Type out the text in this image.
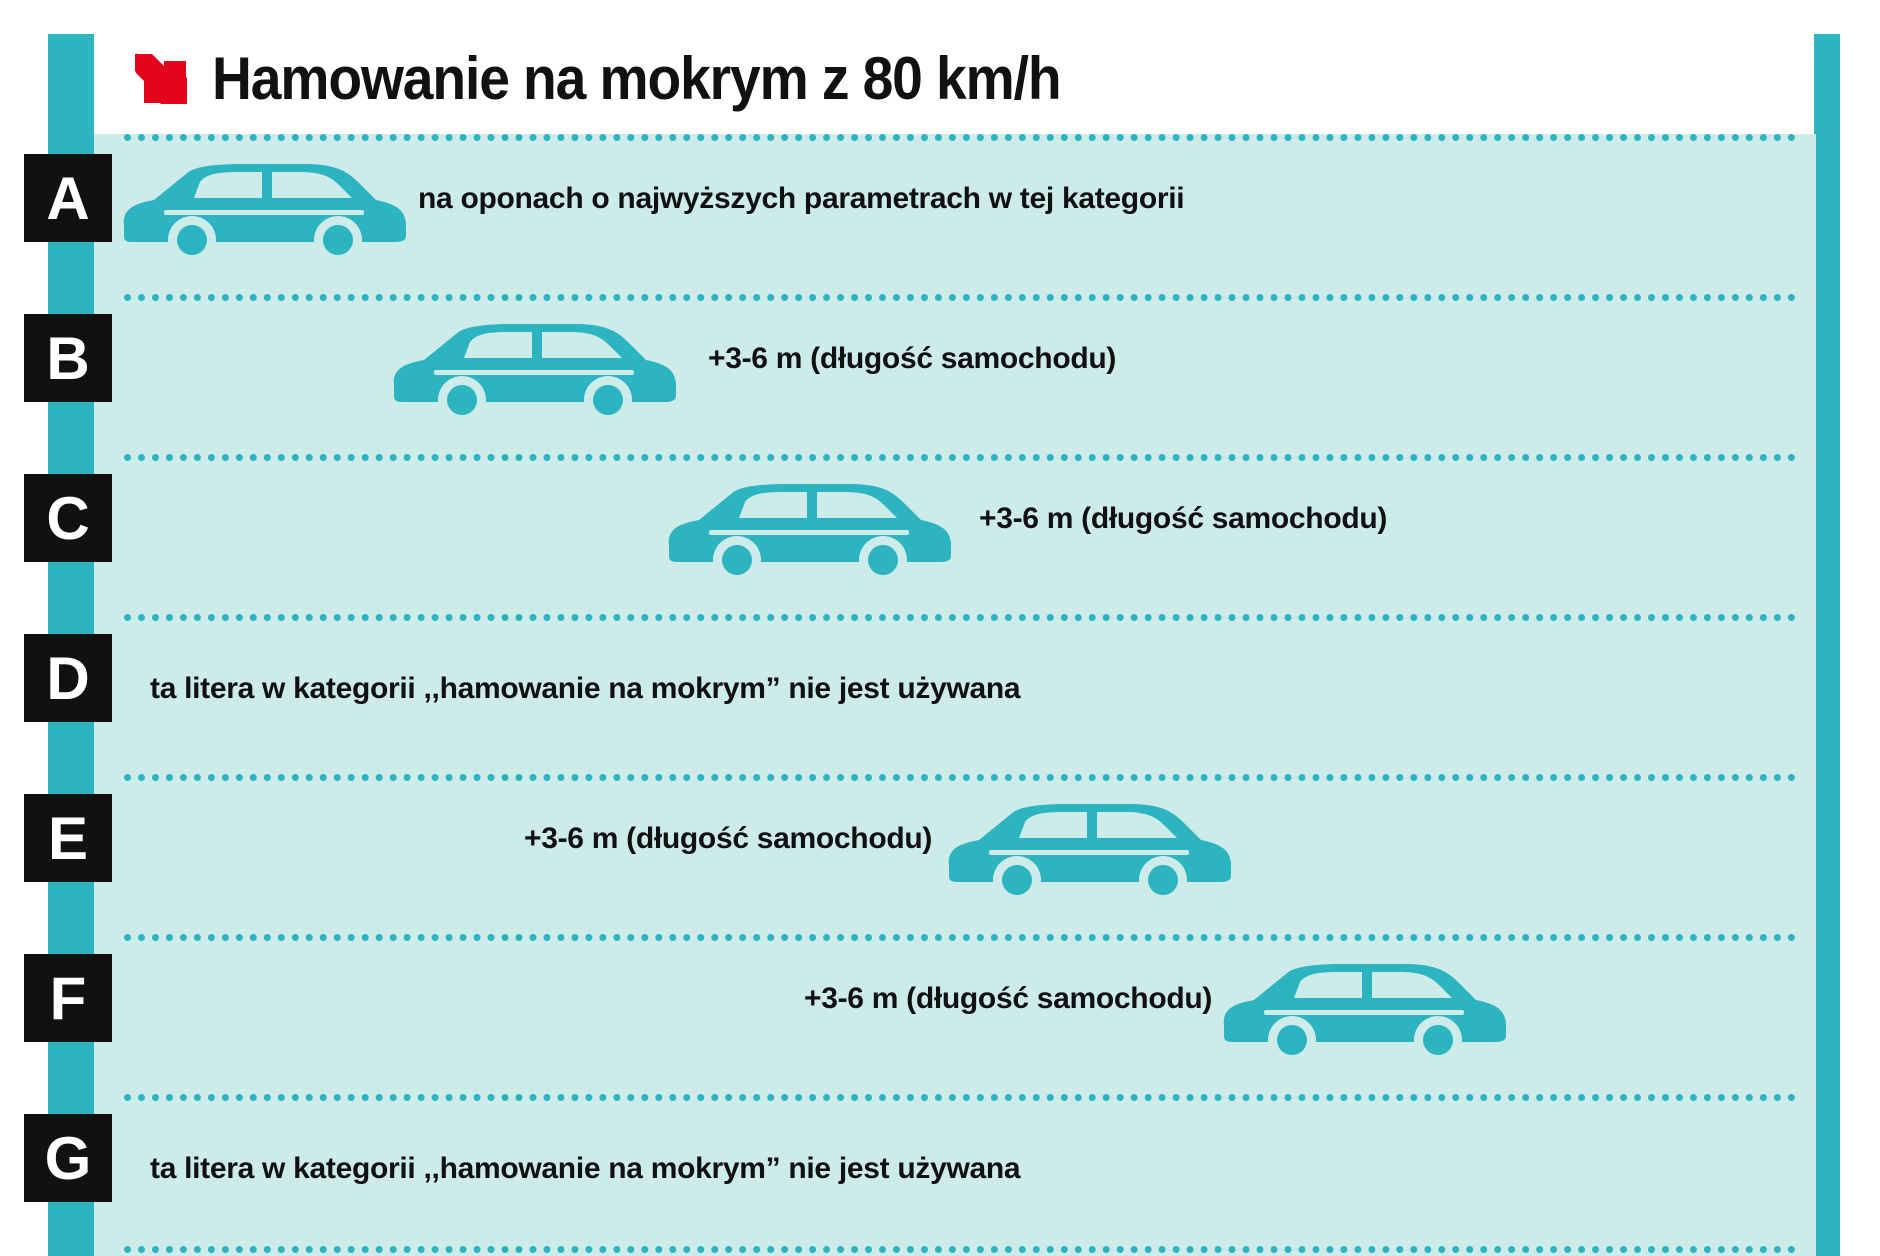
Hamowanie na mokrym z 80 km/h
A	na oponach o najwyższych parametrach w tej kategorii
B	+3-6 m (długość samochodu)
C	+3-6 m (długość samochodu)
D	ta litera w kategorii ,,hamowanie na mokrym” nie jest używana
E	+3-6 m (długość samochodu)
F	+3-6 m (długość samochodu)
G	ta litera w kategorii ,,hamowanie na mokrym” nie jest używana
